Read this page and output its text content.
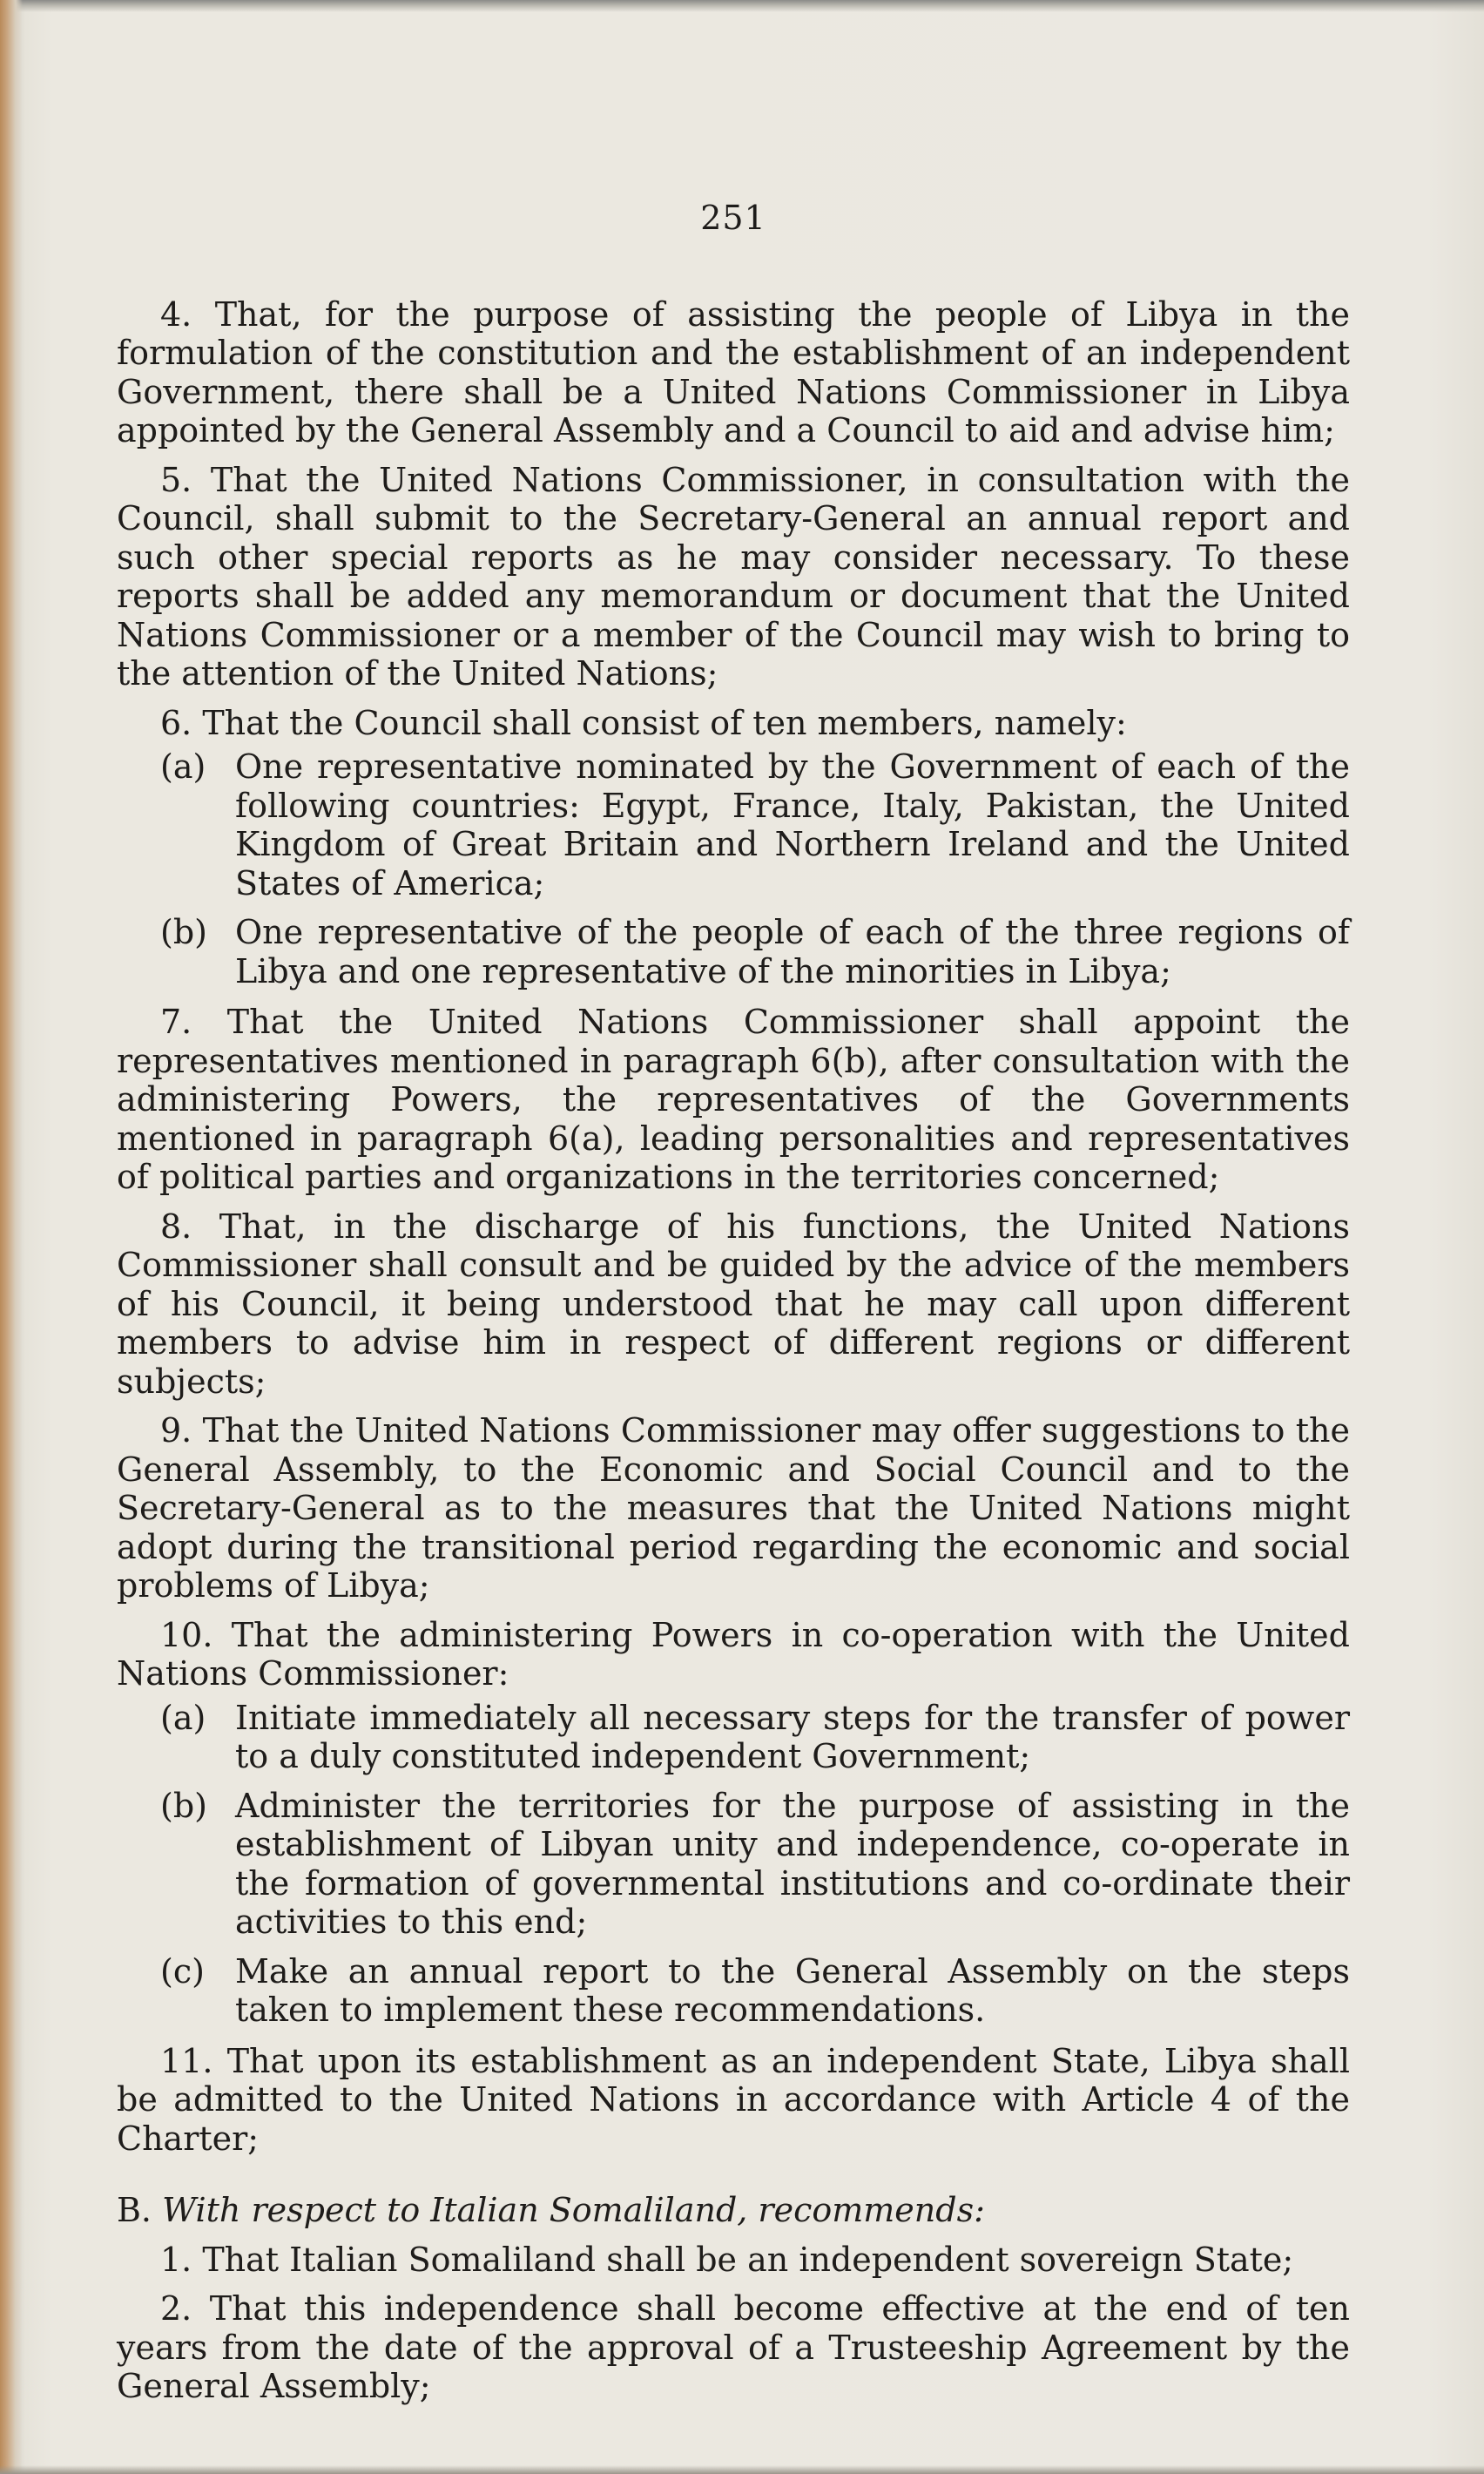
251

4. That, for the purpose of assisting the people of Libya in the formulation of the constitution and the establishment of an independent Government, there shall be a United Nations Commissioner in Libya appointed by the General Assembly and a Council to aid and advise him;

5. That the United Nations Commissioner, in consultation with the Council, shall submit to the Secretary-General an annual report and such other special reports as he may consider necessary. To these reports shall be added any memorandum or document that the United Nations Commissioner or a member of the Council may wish to bring to the attention of the United Nations;

6. That the Council shall consist of ten members, namely:

(a) One representative nominated by the Government of each of the following countries: Egypt, France, Italy, Pakistan, the United Kingdom of Great Britain and Northern Ireland and the United States of America;
(b) One representative of the people of each of the three regions of Libya and one representative of the minorities in Libya;

7. That the United Nations Commissioner shall appoint the representatives mentioned in paragraph 6(b), after consultation with the administering Powers, the representatives of the Governments mentioned in paragraph 6(a), leading personalities and representatives of political parties and organizations in the territories concerned;

8. That, in the discharge of his functions, the United Nations Commissioner shall consult and be guided by the advice of the members of his Council, it being understood that he may call upon different members to advise him in respect of different regions or different subjects;

9. That the United Nations Commissioner may offer suggestions to the General Assembly, to the Economic and Social Council and to the Secretary-General as to the measures that the United Nations might adopt during the transitional period regarding the economic and social problems of Libya;

10. That the administering Powers in co-operation with the United Nations Commissioner:

(a) Initiate immediately all necessary steps for the transfer of power to a duly constituted independent Government;
(b) Administer the territories for the purpose of assisting in the establishment of Libyan unity and independence, co-operate in the formation of governmental institutions and co-ordinate their activities to this end;
(c) Make an annual report to the General Assembly on the steps taken to implement these recommendations.

11. That upon its establishment as an independent State, Libya shall be admitted to the United Nations in accordance with Article 4 of the Charter;

B. With respect to Italian Somaliland, recommends:

1. That Italian Somaliland shall be an independent sovereign State;

2. That this independence shall become effective at the end of ten years from the date of the approval of a Trusteeship Agreement by the General Assembly;
